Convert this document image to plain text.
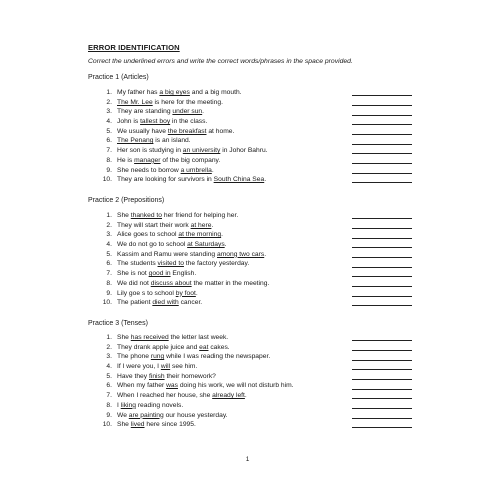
ERROR IDENTIFICATION
Correct the underlined errors and write the correct words/phrases in the space provided.
Practice 1 (Articles)
1. My father has a big eyes and a big mouth.
2. The Mr. Lee is here for the meeting.
3. They are standing under sun.
4. John is tallest boy in the class.
5. We usually have the breakfast at home.
6. The Penang is an island.
7. Her son is studying in an university in Johor Bahru.
8. He is manager of the big company.
9. She needs to borrow a umbrella.
10. They are looking for survivors in South China Sea.
Practice 2 (Prepositions)
1. She thanked to her friend for helping her.
2. They will start their work at here.
3. Alice goes to school at the morning.
4. We do not go to school at Saturdays.
5. Kassim and Ramu were standing among two cars.
6. The students visited to the factory yesterday.
7. She is not good in English.
8. We did not discuss about the matter in the meeting.
9. Lily goe s to school by foot.
10. The patient died with cancer.
Practice 3 (Tenses)
1. She has received the letter last week.
2. They drank apple juice and eat cakes.
3. The phone rung while I was reading the newspaper.
4. If I were you, I will see him.
5. Have they finish their homework?
6. When my father was doing his work, we will not disturb him.
7. When I reached her house, she already left.
8. I liking reading novels.
9. We are painting our house yesterday.
10. She lived here since 1995.
1
